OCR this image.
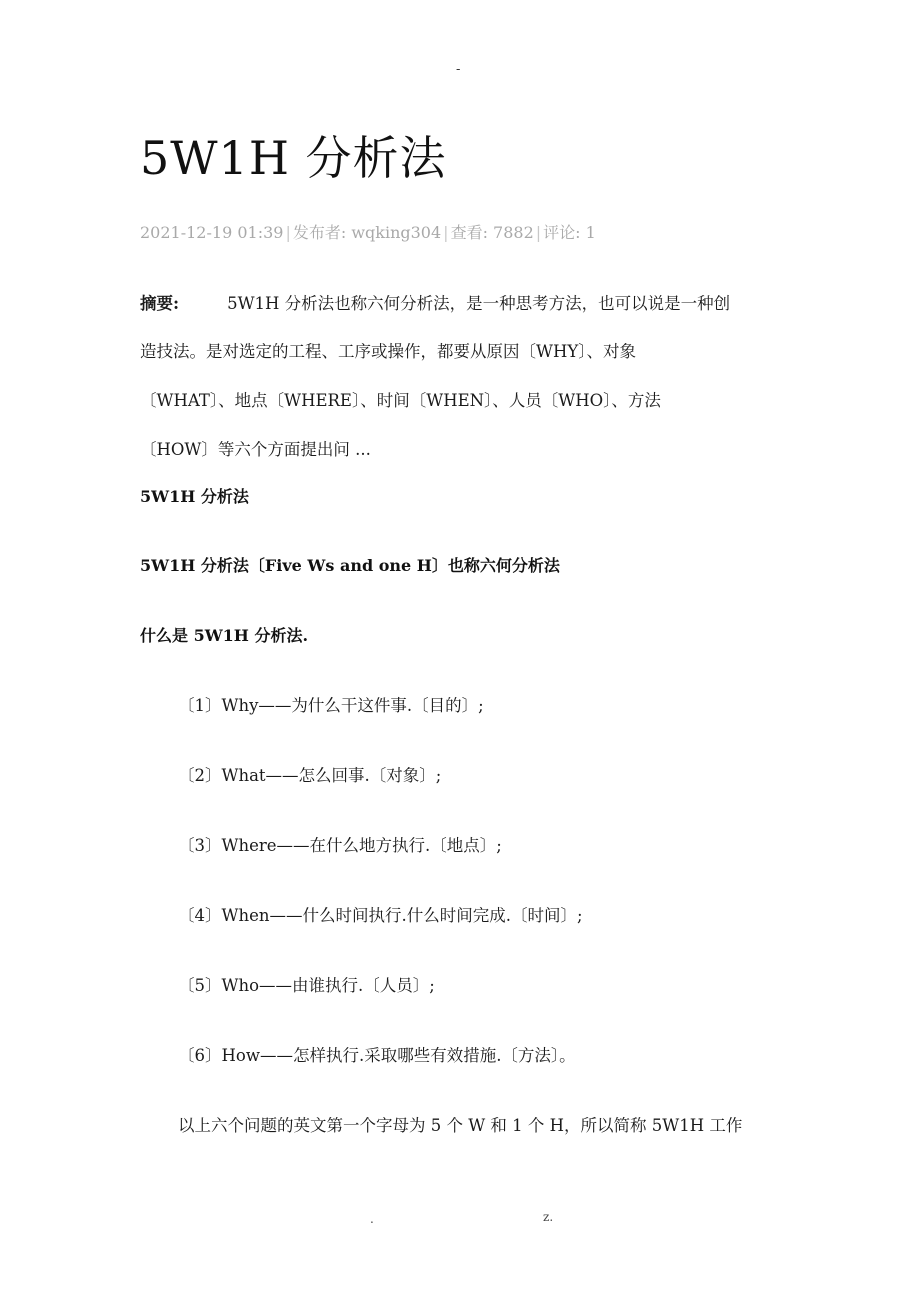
-
5W1H 分析法
2021-12-19 01:39 | 发布者: wqking304 | 查看: 7882 | 评论: 1
摘要:	5W1H 分析法也称六何分析法，是一种思考方法，也可以说是一种创
造技法。是对选定的工程、工序或操作，都要从原因〔WHY〕、对象
〔WHAT〕、地点〔WHERE〕、时间〔WHEN〕、人员〔WHO〕、方法
〔HOW〕等六个方面提出问 ...
5W1H 分析法
5W1H 分析法〔Five Ws and one H〕也称六何分析法
什么是 5W1H 分析法.
〔1〕Why——为什么干这件事.〔目的〕;
〔2〕What——怎么回事.〔对象〕;
〔3〕Where——在什么地方执行.〔地点〕;
〔4〕When——什么时间执行.什么时间完成.〔时间〕;
〔5〕Who——由谁执行.〔人员〕;
〔6〕How——怎样执行.采取哪些有效措施.〔方法〕。
以上六个问题的英文第一个字母为 5 个 W 和 1 个 H，所以简称 5W1H 工作
.	z.
